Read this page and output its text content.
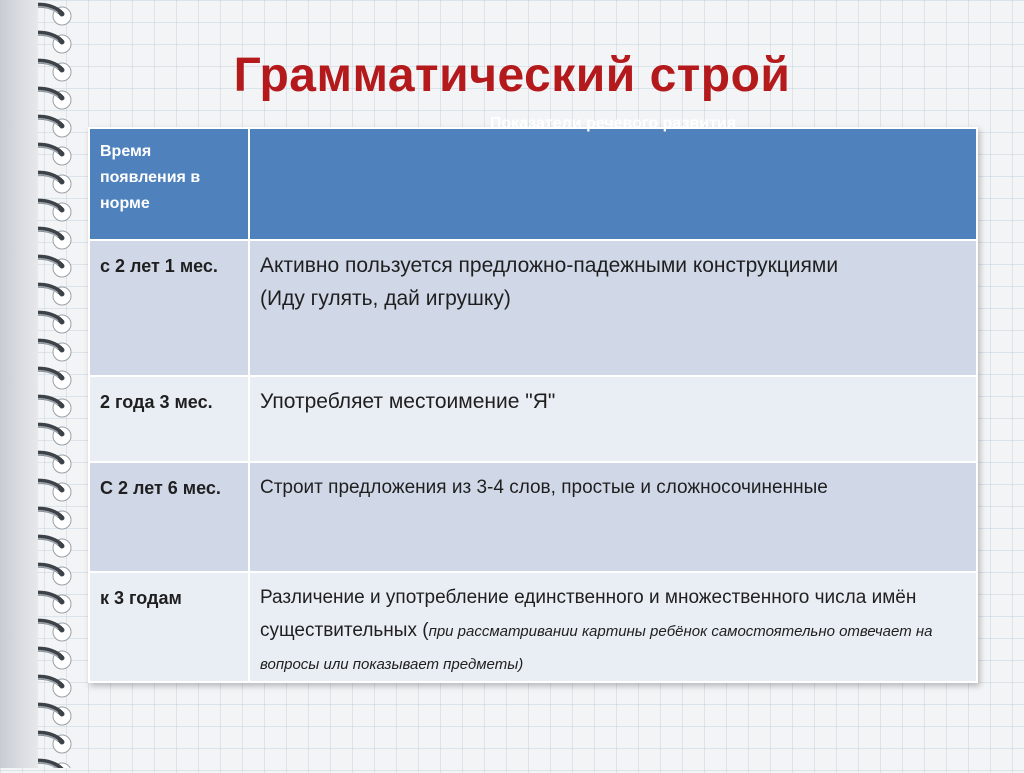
Грамматический строй
Время появления в норме	Показатели речевого развития

с 2 лет 1 мес.	Активно пользуется предложно-падежными конструкциями
(Иду гулять, дай игрушку)

2 года 3 мес.	Употребляет местоимение "Я"

С 2 лет 6 мес.	Строит предложения из 3-4 слов, простые и сложносочиненные

к 3 годам	Различение и употребление единственного и множественного числа имён существительных (при рассматривании картины ребёнок самостоятельно отвечает на вопросы или показывает предметы)
